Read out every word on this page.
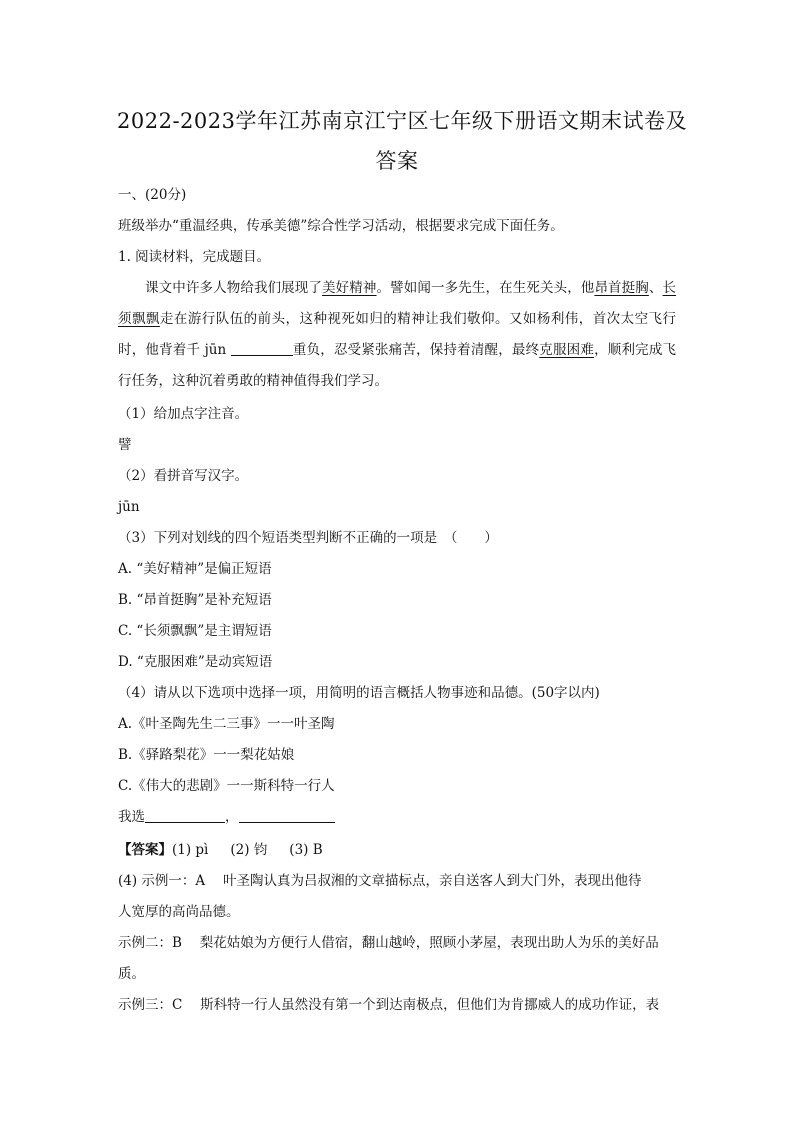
2022-2023学年江苏南京江宁区七年级下册语文期末试卷及
答案
一、(20分)
班级举办“重温经典，传承美德”综合性学习活动，根据要求完成下面任务。
1. 阅读材料，完成题目。
课文中许多人物给我们展现了美好精神。譬如闻一多先生，在生死关头，他昂首挺胸、长须飘飘走在游行队伍的前头，这种视死如归的精神让我们敬仰。又如杨利伟，首次太空飞行时，他背着千 jūn	重负，忍受紧张痛苦，保持着清醒，最终克服困难，顺利完成飞行任务，这种沉着勇敢的精神值得我们学习。
（1）给加点字注音。
譬
（2）看拼音写汉字。
jūn
（3）下列对划线的四个短语类型判断不正确的一项是　（　　）
A. “美好精神”是偏正短语
B. “昂首挺胸”是补充短语
C. “长须飘飘”是主谓短语
D. “克服困难”是动宾短语
（4）请从以下选项中选择一项，用简明的语言概括人物事迹和品德。(50字以内)
A.《叶圣陶先生二三事》一一叶圣陶
B.《驿路梨花》一一梨花姑娘
C.《伟大的悲剧》一一斯科特一行人
我选	，
【答案】(1) pì (2) 钧 (3) B
(4) 示例一：A　 叶圣陶认真为吕叔湘的文章描标点，亲自送客人到大门外，表现出他待
人宽厚的高尚品德。
示例二：B　 梨花姑娘为方便行人借宿，翻山越岭，照顾小茅屋，表现出助人为乐的美好品
质。
示例三：C　 斯科特一行人虽然没有第一个到达南极点，但他们为肯挪威人的成功作证，表
